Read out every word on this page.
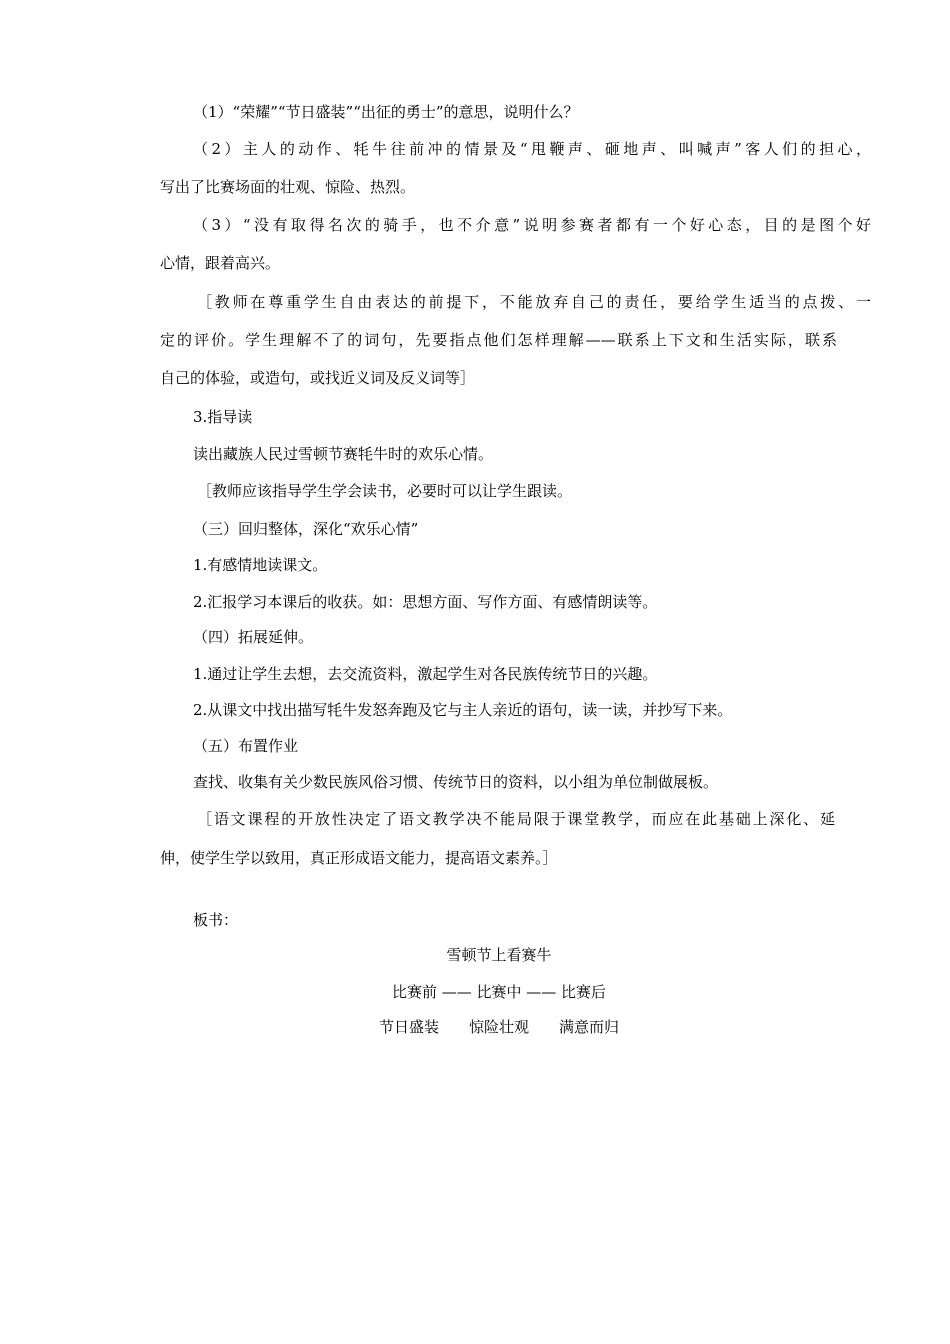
（1）“荣耀”“节日盛装”“出征的勇士”的意思，说明什么？
（2）主人的动作、牦牛往前冲的情景及“甩鞭声、砸地声、叫喊声”客人们的担心，
写出了比赛场面的壮观、惊险、热烈。
（3）“没有取得名次的骑手，也不介意”说明参赛者都有一个好心态，目的是图个好
心情，跟着高兴。
［教师在尊重学生自由表达的前提下，不能放弃自己的责任，要给学生适当的点拨、一
定的评价。学生理解不了的词句，先要指点他们怎样理解——联系上下文和生活实际，联系
自己的体验，或造句，或找近义词及反义词等］
3.指导读
读出藏族人民过雪顿节赛牦牛时的欢乐心情。
［教师应该指导学生学会读书，必要时可以让学生跟读。
（三）回归整体，深化“欢乐心情”
1.有感情地读课文。
2.汇报学习本课后的收获。如：思想方面、写作方面、有感情朗读等。
（四）拓展延伸。
1.通过让学生去想，去交流资料，激起学生对各民族传统节日的兴趣。
2.从课文中找出描写牦牛发怒奔跑及它与主人亲近的语句，读一读，并抄写下来。
（五）布置作业
查找、收集有关少数民族风俗习惯、传统节日的资料，以小组为单位制做展板。
［语文课程的开放性决定了语文教学决不能局限于课堂教学，而应在此基础上深化、延
伸，使学生学以致用，真正形成语文能力，提高语文素养。］
板书：
雪顿节上看赛牛
比赛前 —— 比赛中 —— 比赛后
节日盛装 惊险壮观 满意而归
